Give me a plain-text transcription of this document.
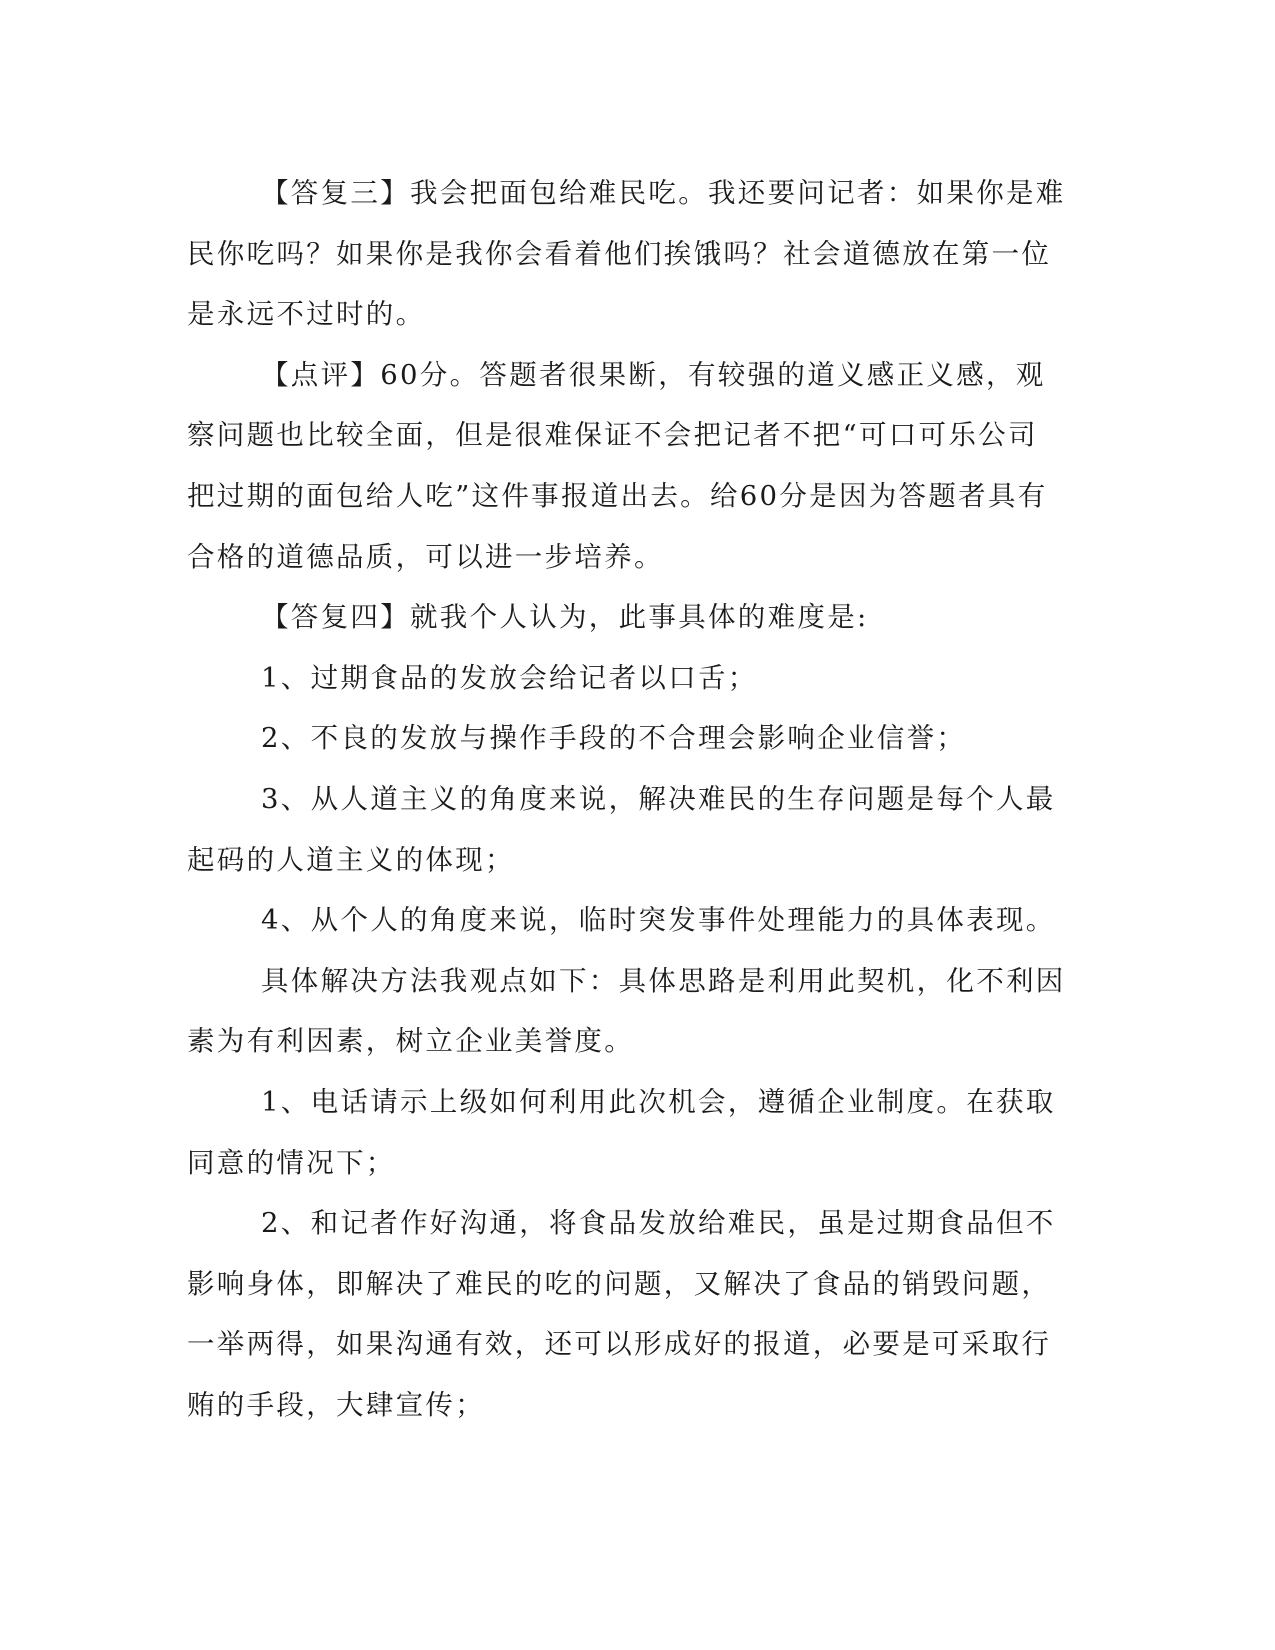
【答复三】我会把面包给难民吃。我还要问记者：如果你是难民你吃吗？如果你是我你会看着他们挨饿吗？社会道德放在第一位是永远不过时的。

【点评】60分。答题者很果断，有较强的道义感正义感，观察问题也比较全面，但是很难保证不会把记者不把“可口可乐公司把过期的面包给人吃”这件事报道出去。给60分是因为答题者具有合格的道德品质，可以进一步培养。

【答复四】就我个人认为，此事具体的难度是:

1、过期食品的发放会给记者以口舌；

2、不良的发放与操作手段的不合理会影响企业信誉；

3、从人道主义的角度来说，解决难民的生存问题是每个人最起码的人道主义的体现；

4、从个人的角度来说，临时突发事件处理能力的具体表现。

具体解决方法我观点如下：具体思路是利用此契机，化不利因素为有利因素，树立企业美誉度。

1、电话请示上级如何利用此次机会，遵循企业制度。在获取同意的情况下；

2、和记者作好沟通，将食品发放给难民，虽是过期食品但不影响身体，即解决了难民的吃的问题，又解决了食品的销毁问题，一举两得，如果沟通有效，还可以形成好的报道，必要是可采取行贿的手段，大肆宣传；
